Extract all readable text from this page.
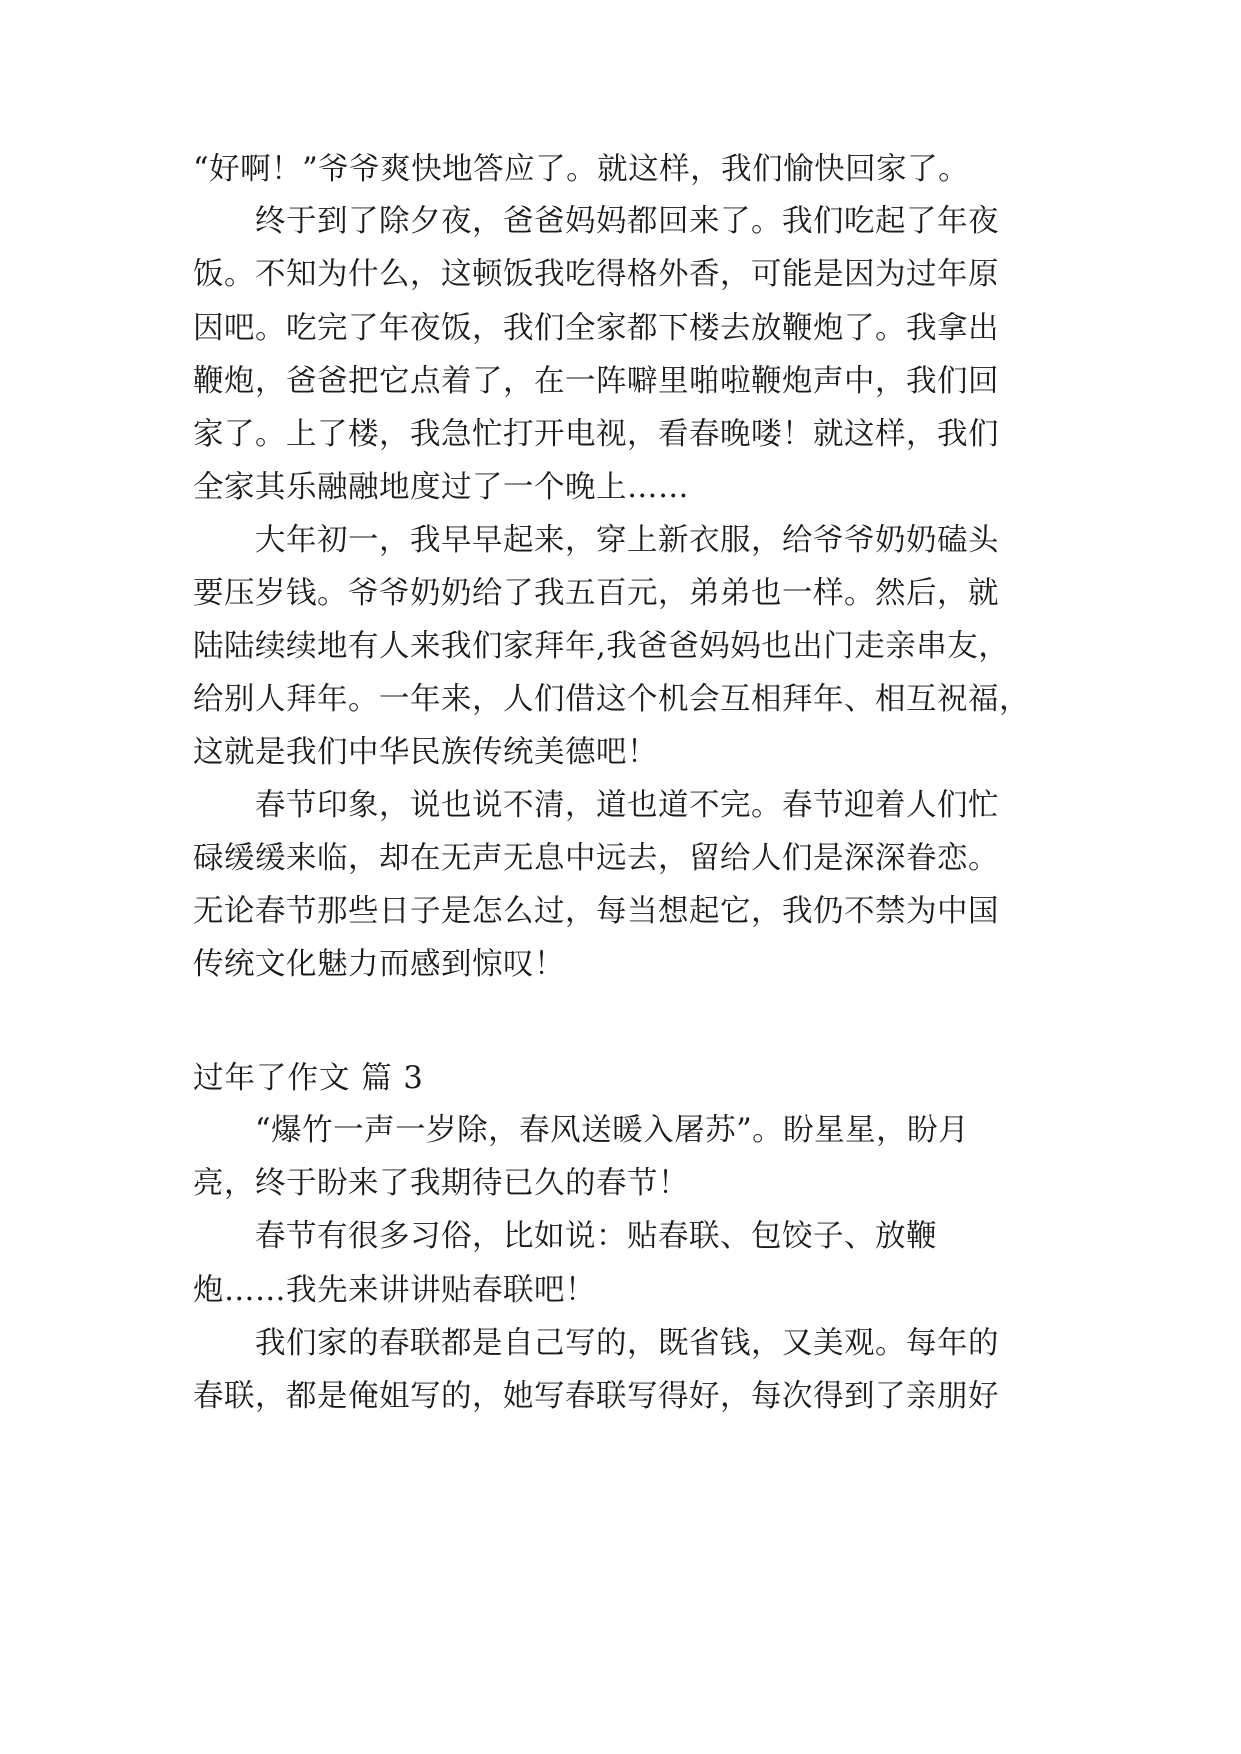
“好啊！”爷爷爽快地答应了。就这样，我们愉快回家了。
终于到了除夕夜，爸爸妈妈都回来了。我们吃起了年夜
饭。不知为什么，这顿饭我吃得格外香，可能是因为过年原
因吧。吃完了年夜饭，我们全家都下楼去放鞭炮了。我拿出
鞭炮，爸爸把它点着了，在一阵噼里啪啦鞭炮声中，我们回
家了。上了楼，我急忙打开电视，看春晚喽！就这样，我们
全家其乐融融地度过了一个晚上……
大年初一，我早早起来，穿上新衣服，给爷爷奶奶磕头
要压岁钱。爷爷奶奶给了我五百元，弟弟也一样。然后，就
陆陆续续地有人来我们家拜年,我爸爸妈妈也出门走亲串友，
给别人拜年。一年来，人们借这个机会互相拜年、相互祝福，
这就是我们中华民族传统美德吧！
春节印象，说也说不清，道也道不完。春节迎着人们忙
碌缓缓来临，却在无声无息中远去，留给人们是深深眷恋。
无论春节那些日子是怎么过，每当想起它，我仍不禁为中国
传统文化魅力而感到惊叹！
过年了作文 篇 3
“爆竹一声一岁除，春风送暖入屠苏”。盼星星，盼月
亮，终于盼来了我期待已久的春节！
春节有很多习俗，比如说：贴春联、包饺子、放鞭
炮……我先来讲讲贴春联吧！
我们家的春联都是自己写的，既省钱，又美观。每年的
春联，都是俺姐写的，她写春联写得好，每次得到了亲朋好
